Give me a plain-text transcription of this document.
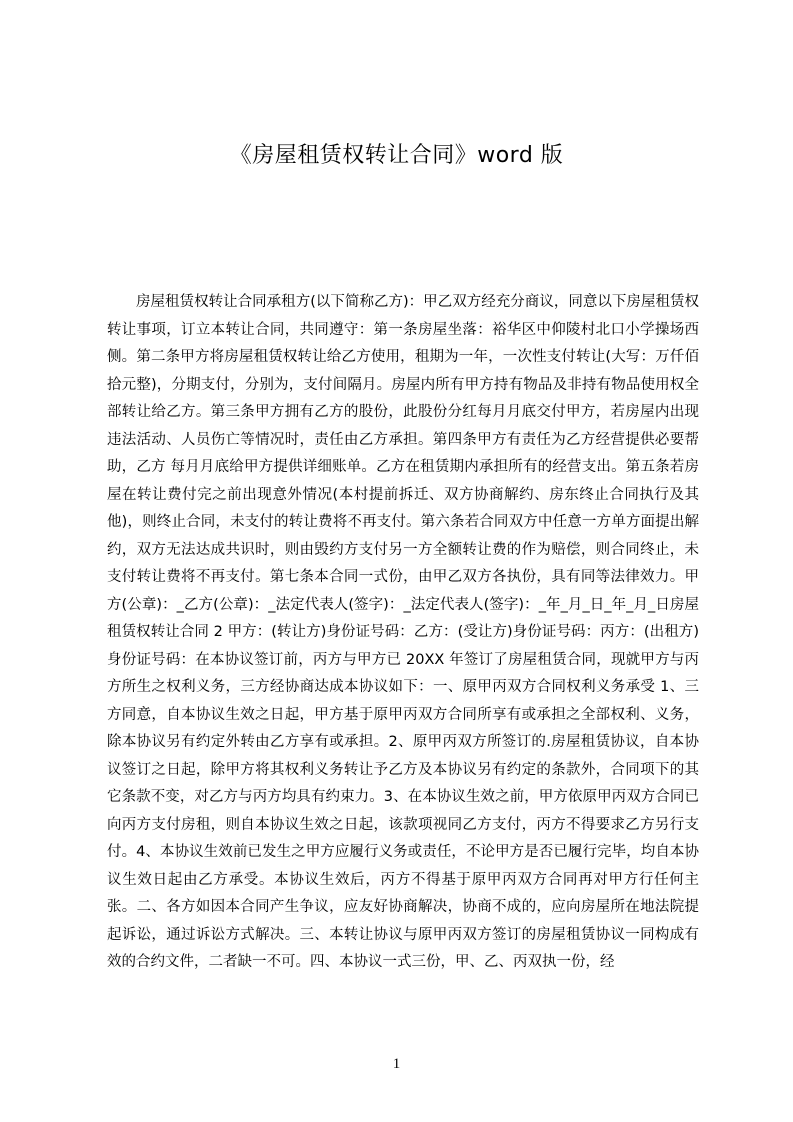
《房屋租赁权转让合同》word 版

房屋租赁权转让合同承租方(以下简称乙方)：甲乙双方经充分商议，同意以下房屋租赁权转让事项，订立本转让合同，共同遵守：第一条房屋坐落：裕华区中仰陵村北口小学操场西侧。第二条甲方将房屋租赁权转让给乙方使用，租期为一年，一次性支付转让(大写：万仟佰拾元整)，分期支付，分别为，支付间隔月。房屋内所有甲方持有物品及非持有物品使用权全部转让给乙方。第三条甲方拥有乙方的股份，此股份分红每月月底交付甲方，若房屋内出现违法活动、人员伤亡等情况时，责任由乙方承担。第四条甲方有责任为乙方经营提供必要帮助，乙方 每月月底给甲方提供详细账单。乙方在租赁期内承担所有的经营支出。第五条若房屋在转让费付完之前出现意外情况(本村提前拆迁、双方协商解约、房东终止合同执行及其他)，则终止合同，未支付的转让费将不再支付。第六条若合同双方中任意一方单方面提出解约，双方无法达成共识时，则由毁约方支付另一方全额转让费的作为赔偿，则合同终止，未支付转让费将不再支付。第七条本合同一式份，由甲乙双方各执份，具有同等法律效力。甲方(公章)：_乙方(公章)：_法定代表人(签字)：_法定代表人(签字)：_年_月_日_年_月_日房屋租赁权转让合同 2 甲方：(转让方)身份证号码：乙方：(受让方)身份证号码：丙方：(出租方)身份证号码：在本协议签订前，丙方与甲方已 20XX 年签订了房屋租赁合同，现就甲方与丙方所生之权利义务，三方经协商达成本协议如下：一、原甲丙双方合同权利义务承受 1、三方同意，自本协议生效之日起，甲方基于原甲丙双方合同所享有或承担之全部权利、义务，除本协议另有约定外转由乙方享有或承担。2、原甲丙双方所签订的.房屋租赁协议，自本协议签订之日起，除甲方将其权利义务转让予乙方及本协议另有约定的条款外，合同项下的其它条款不变，对乙方与丙方均具有约束力。3、在本协议生效之前，甲方依原甲丙双方合同已向丙方支付房租，则自本协议生效之日起，该款项视同乙方支付，丙方不得要求乙方另行支付。4、本协议生效前已发生之甲方应履行义务或责任，不论甲方是否已履行完毕，均自本协议生效日起由乙方承受。本协议生效后，丙方不得基于原甲丙双方合同再对甲方行任何主张。二、各方如因本合同产生争议，应友好协商解决，协商不成的，应向房屋所在地法院提起诉讼，通过诉讼方式解决。三、本转让协议与原甲丙双方签订的房屋租赁协议一同构成有效的合约文件，二者缺一不可。四、本协议一式三份，甲、乙、丙双执一份，经

1
